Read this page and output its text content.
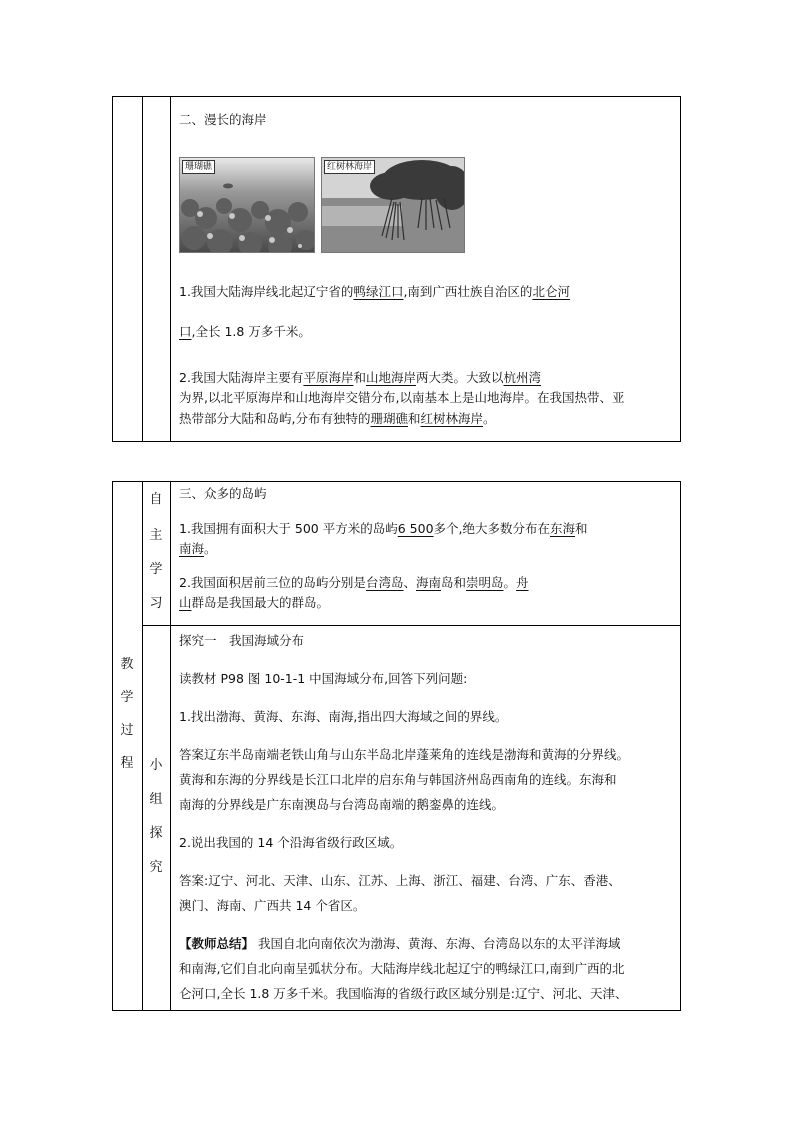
二、漫长的海岸
珊瑚礁	红树林海岸
1.我国大陆海岸线北起辽宁省的鸭绿江口,南到广西壮族自治区的北仑河
口,全长 1.8 万多千米。
2.我国大陆海岸主要有平原海岸和山地海岸两大类。大致以杭州湾
为界,以北平原海岸和山地海岸交错分布,以南基本上是山地海岸。在我国热带、亚
热带部分大陆和岛屿,分布有独特的珊瑚礁和红树林海岸。
教
学
过
程
自
主
学
习
小
组
探
究
三、众多的岛屿
1.我国拥有面积大于 500 平方米的岛屿6 500多个,绝大多数分布在东海和
南海。
2.我国面积居前三位的岛屿分别是台湾岛、海南岛和崇明岛。舟
山群岛是我国最大的群岛。
探究一　我国海域分布
读教材 P98 图 10-1-1 中国海域分布,回答下列问题:
1.找出渤海、黄海、东海、南海,指出四大海域之间的界线。
答案辽东半岛南端老铁山角与山东半岛北岸蓬莱角的连线是渤海和黄海的分界线。
黄海和东海的分界线是长江口北岸的启东角与韩国济州岛西南角的连线。东海和
南海的分界线是广东南澳岛与台湾岛南端的鹅銮鼻的连线。
2.说出我国的 14 个沿海省级行政区域。
答案:辽宁、河北、天津、山东、江苏、上海、浙江、福建、台湾、广东、香港、
澳门、海南、广西共 14 个省区。
【教师总结】 我国自北向南依次为渤海、黄海、东海、台湾岛以东的太平洋海域
和南海,它们自北向南呈弧状分布。大陆海岸线北起辽宁的鸭绿江口,南到广西的北
仑河口,全长 1.8 万多千米。我国临海的省级行政区域分别是:辽宁、河北、天津、
